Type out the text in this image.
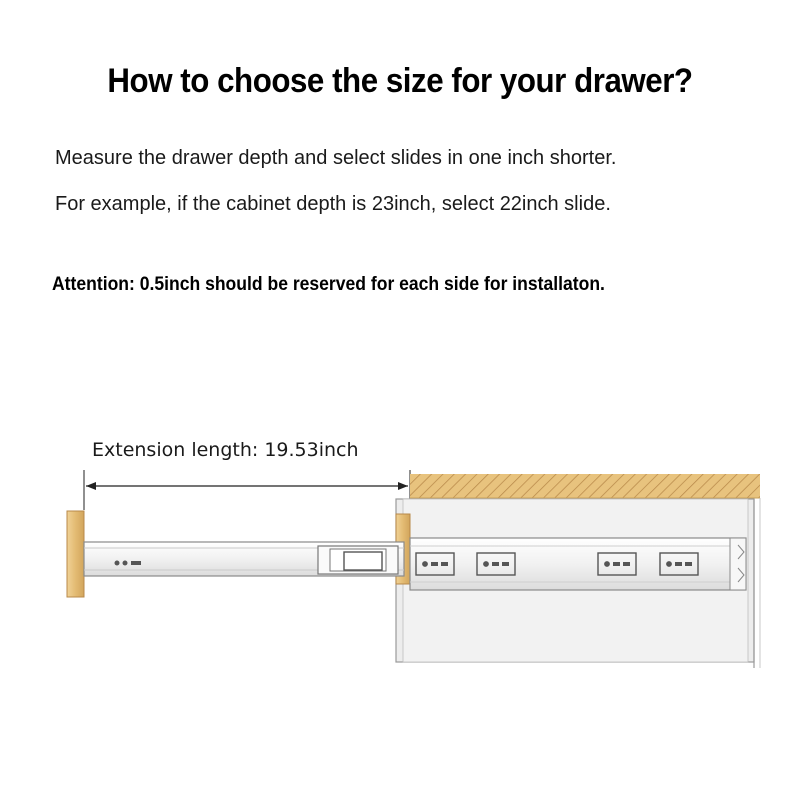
How to choose the size for your drawer?
Measure the drawer depth and select slides in one inch shorter.
For example, if the cabinet depth is 23inch, select 22inch slide.
Attention: 0.5inch should be reserved for each side for installaton.
Extension length: 19.53inch
